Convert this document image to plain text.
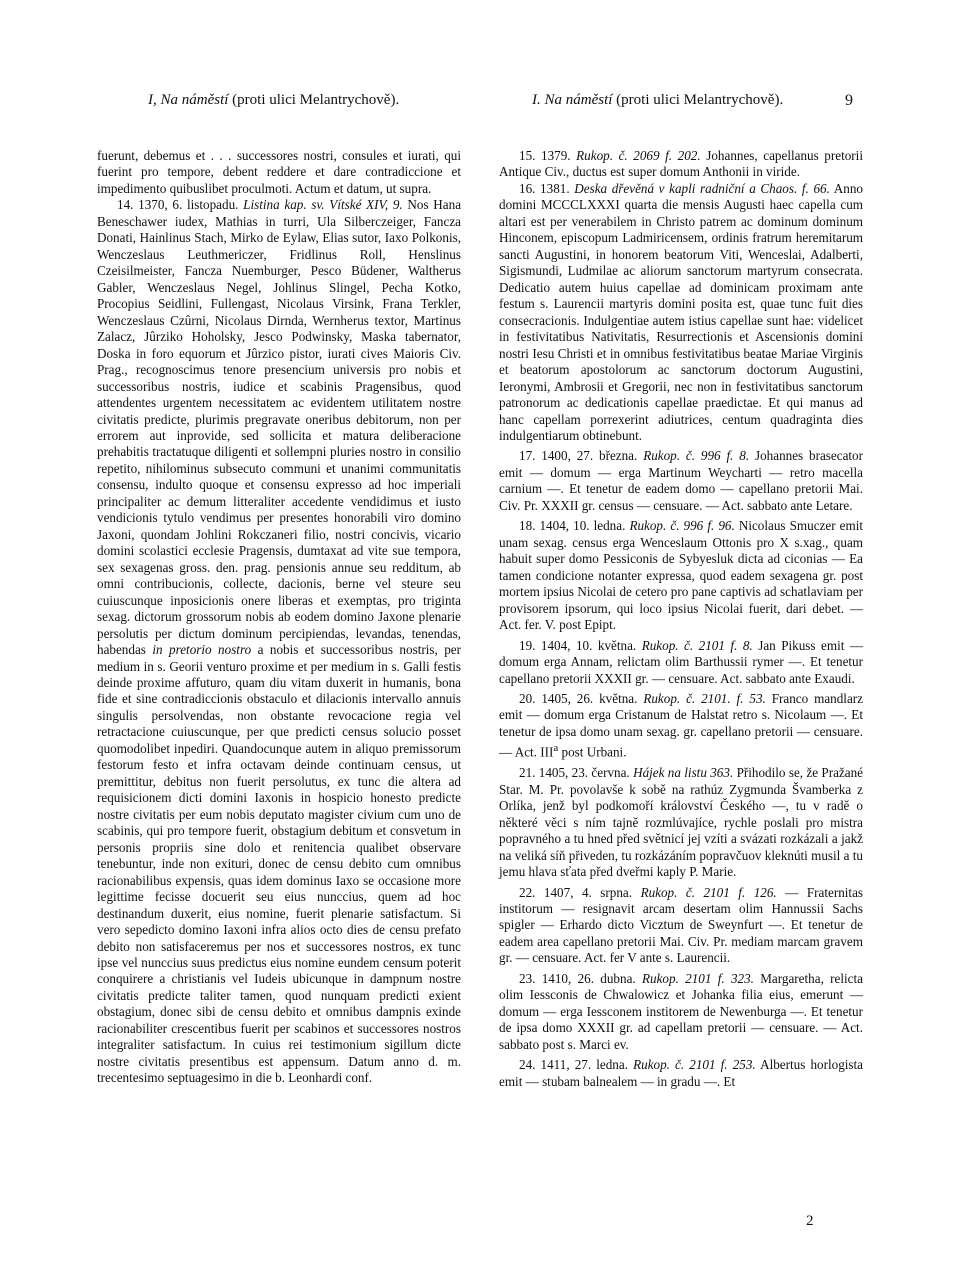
I, Na náměstí (proti ulici Melantrychově).	I. Na náměstí (proti ulici Melantrychově).	9

fuerunt, debemus et . . . successores nostri, consules et iurati, qui fuerint pro tempore, debent reddere et dare contradiccione et impedimento quibuslibet proculmoti. Actum et datum, ut supra.

14. 1370, 6. listopadu. Listina kap. sv. Vítské XIV, 9. Nos Hana Beneschawer iudex, Mathias in turri, Ula Silberczeiger, Fancza Donati, Hainlinus Stach, Mirko de Eylaw, Elias sutor, Iaxo Polkonis, Wenczeslaus Leuthmericzer, Fridlinus Roll, Henslinus Czeisilmeister, Fancza Nuemburger, Pesco Büdener, Waltherus Gabler, Wenczeslaus Negel, Johlinus Slingel, Pecha Kotko, Procopius Seidlini, Fullengast, Nicolaus Virsink, Frana Terkler, Wenczeslaus Czûrni, Nicolaus Dirnda, Wernherus textor, Martinus Zalacz, Jûrziko Hoholsky, Jesco Podwinsky, Maska tabernator, Doska in foro equorum et Jûrzico pistor, iurati cives Maioris Civ. Prag., recognoscimus tenore presencium universis pro nobis et successoribus nostris, iudice et scabinis Pragensibus, quod attendentes urgentem necessitatem ac evidentem utilitatem nostre civitatis predicte, plurimis pregravate oneribus debitorum, non per errorem aut inprovide, sed sollicita et matura deliberacione prehabitis tractatuque diligenti et sollempni pluries nostro in consilio repetito, nihilominus subsecuto communi et unanimi communitatis consensu, indulto quoque et consensu expresso ad hoc imperiali principaliter ac demum litteraliter accedente vendidimus et iusto vendicionis tytulo vendimus per presentes honorabili viro domino Jaxoni, quondam Johlini Rokczaneri filio, nostri concivis, vicario domini scolastici ecclesie Pragensis, dumtaxat ad vite sue tempora, sex sexagenas gross. den. prag. pensionis annue seu redditum, ab omni contribucionis, collecte, dacionis, berne vel steure seu cuiuscunque inposicionis onere liberas et exemptas, pro triginta sexag. dictorum grossorum nobis ab eodem domino Jaxone plenarie persolutis per dictum dominum percipiendas, levandas, tenendas, habendas in pretorio nostro a nobis et successoribus nostris, per medium in s. Georii venturo proxime et per medium in s. Galli festis deinde proxime affuturo, quam diu vitam duxerit in humanis, bona fide et sine contradiccionis obstaculo et dilacionis intervallo annuis singulis persolvendas, non obstante revocacione regia vel retractacione cuiuscunque, per que predicti census solucio posset quomodolibet inpediri. Quandocunque autem in aliquo premissorum festorum festo et infra octavam deinde continuam census, ut premittitur, debitus non fuerit persolutus, ex tunc die altera ad requisicionem dicti domini Iaxonis in hospicio honesto predicte nostre civitatis per eum nobis deputato magister civium cum uno de scabinis, qui pro tempore fuerit, obstagium debitum et consvetum in personis propriis sine dolo et renitencia qualibet observare tenebuntur, inde non exituri, donec de censu debito cum omnibus racionabilibus expensis, quas idem dominus Iaxo se occasione more legittime fecisse docuerit seu eius nunccius, quem ad hoc destinandum duxerit, eius nomine, fuerit plenarie satisfactum. Si vero sepedicto domino Iaxoni infra alios octo dies de censu prefato debito non satisfaceremus per nos et successores nostros, ex tunc ipse vel nunccius suus predictus eius nomine eundem censum poterit conquirere a christianis vel Iudeis ubicunque in dampnum nostre civitatis predicte taliter tamen, quod nunquam predicti exient obstagium, donec sibi de censu debito et omnibus dampnis exinde racionabiliter crescentibus fuerit per scabinos et successores nostros integraliter satisfactum. In cuius rei testimonium sigillum dicte nostre civitatis presentibus est appensum. Datum anno d. m. trecentesimo septuagesimo in die b. Leonhardi conf.

15. 1379. Rukop. č. 2069 f. 202. Johannes, capellanus pretorii Antique Civ., ductus est super domum Anthonii in viride.

16. 1381. Deska dřevěná v kapli radniční a Chaos. f. 66. Anno domini MCCCLXXXI quarta die mensis Augusti haec capella cum altari est per venerabilem in Christo patrem ac dominum dominum Hinconem, episcopum Ladmiricensem, ordinis fratrum heremitarum sancti Augustini, in honorem beatorum Viti, Wenceslai, Adalberti, Sigismundi, Ludmilae ac aliorum sanctorum martyrum consecrata. Dedicatio autem huius capellae ad dominicam proximam ante festum s. Laurencii martyris domini posita est, quae tunc fuit dies consecracionis. Indulgentiae autem istius capellae sunt hae: videlicet in festivitatibus Nativitatis, Resurrectionis et Ascensionis domini nostri Iesu Christi et in omnibus festivitatibus beatae Mariae Virginis et beatorum apostolorum ac sanctorum doctorum Augustini, Ieronymi, Ambrosii et Gregorii, nec non in festivitatibus sanctorum patronorum ac dedicationis capellae praedictae. Et qui manus ad hanc capellam porrexerint adiutrices, centum quadraginta dies indulgentiarum obtinebunt.

17. 1400, 27. března. Rukop. č. 996 f. 8. Johannes brasecator emit — domum — erga Martinum Weycharti — retro macella carnium —. Et tenetur de eadem domo — capellano pretorii Mai. Civ. Pr. XXXII gr. census — censuare. — Act. sabbato ante Letare.

18. 1404, 10. ledna. Rukop. č. 996 f. 96. Nicolaus Smuczer emit unam sexag. census erga Wenceslaum Ottonis pro X s.xag., quam habuit super domo Pessiconis de Sybyesluk dicta ad ciconias — Ea tamen condicione notanter expressa, quod eadem sexagena gr. post mortem ipsius Nicolai de cetero pro pane captivis ad schatlaviam per provisorem ipsorum, qui loco ipsius Nicolai fuerit, dari debet. — Act. fer. V. post Epipt.

19. 1404, 10. května. Rukop. č. 2101 f. 8. Jan Pikuss emit — domum erga Annam, relictam olim Barthussii rymer —. Et tenetur capellano pretorii XXXII gr. — censuare. Act. sabbato ante Exaudi.

20. 1405, 26. května. Rukop. č. 2101. f. 53. Franco mandlarz emit — domum erga Cristanum de Halstat retro s. Nicolaum —. Et tenetur de ipsa domo unam sexag. gr. capellano pretorii — censuare. — Act. III$^a$ post Urbani.

21. 1405, 23. června. Hájek na listu 363. Přihodilo se, že Pražané Star. M. Pr. povolavše k sobě na rathúz Zygmunda Švamberka z Orlíka, jenž byl podkomoří království Českého —, tu v radě o některé věci s ním tajně rozmlúvajíce, rychle poslali pro mistra popravného a tu hned před světnicí jej vzíti a svázati rozkázali a jakž na veliká síň přiveden, tu rozkázáním popravčuov kleknúti musil a tu jemu hlava sťata před dveřmi kaply P. Marie.

22. 1407, 4. srpna. Rukop. č. 2101 f. 126. — Fraternitas institorum — resignavit arcam desertam olim Hannussii Sachs spigler — Erhardo dicto Vicztum de Sweynfurt —. Et tenetur de eadem area capellano pretorii Mai. Civ. Pr. mediam marcam gravem gr. — censuare. Act. fer V ante s. Laurencii.

23. 1410, 26. dubna. Rukop. 2101 f. 323. Margaretha, relicta olim Iessconis de Chwalowicz et Johanka filia eius, emerunt — domum — erga Iessconem institorem de Newenburga —. Et tenetur de ipsa domo XXXII gr. ad capellam pretorii — censuare. — Act. sabbato post s. Marci ev.

24. 1411, 27. ledna. Rukop. č. 2101 f. 253. Albertus horlogista emit — stubam balnealem — in gradu —. Et

2
